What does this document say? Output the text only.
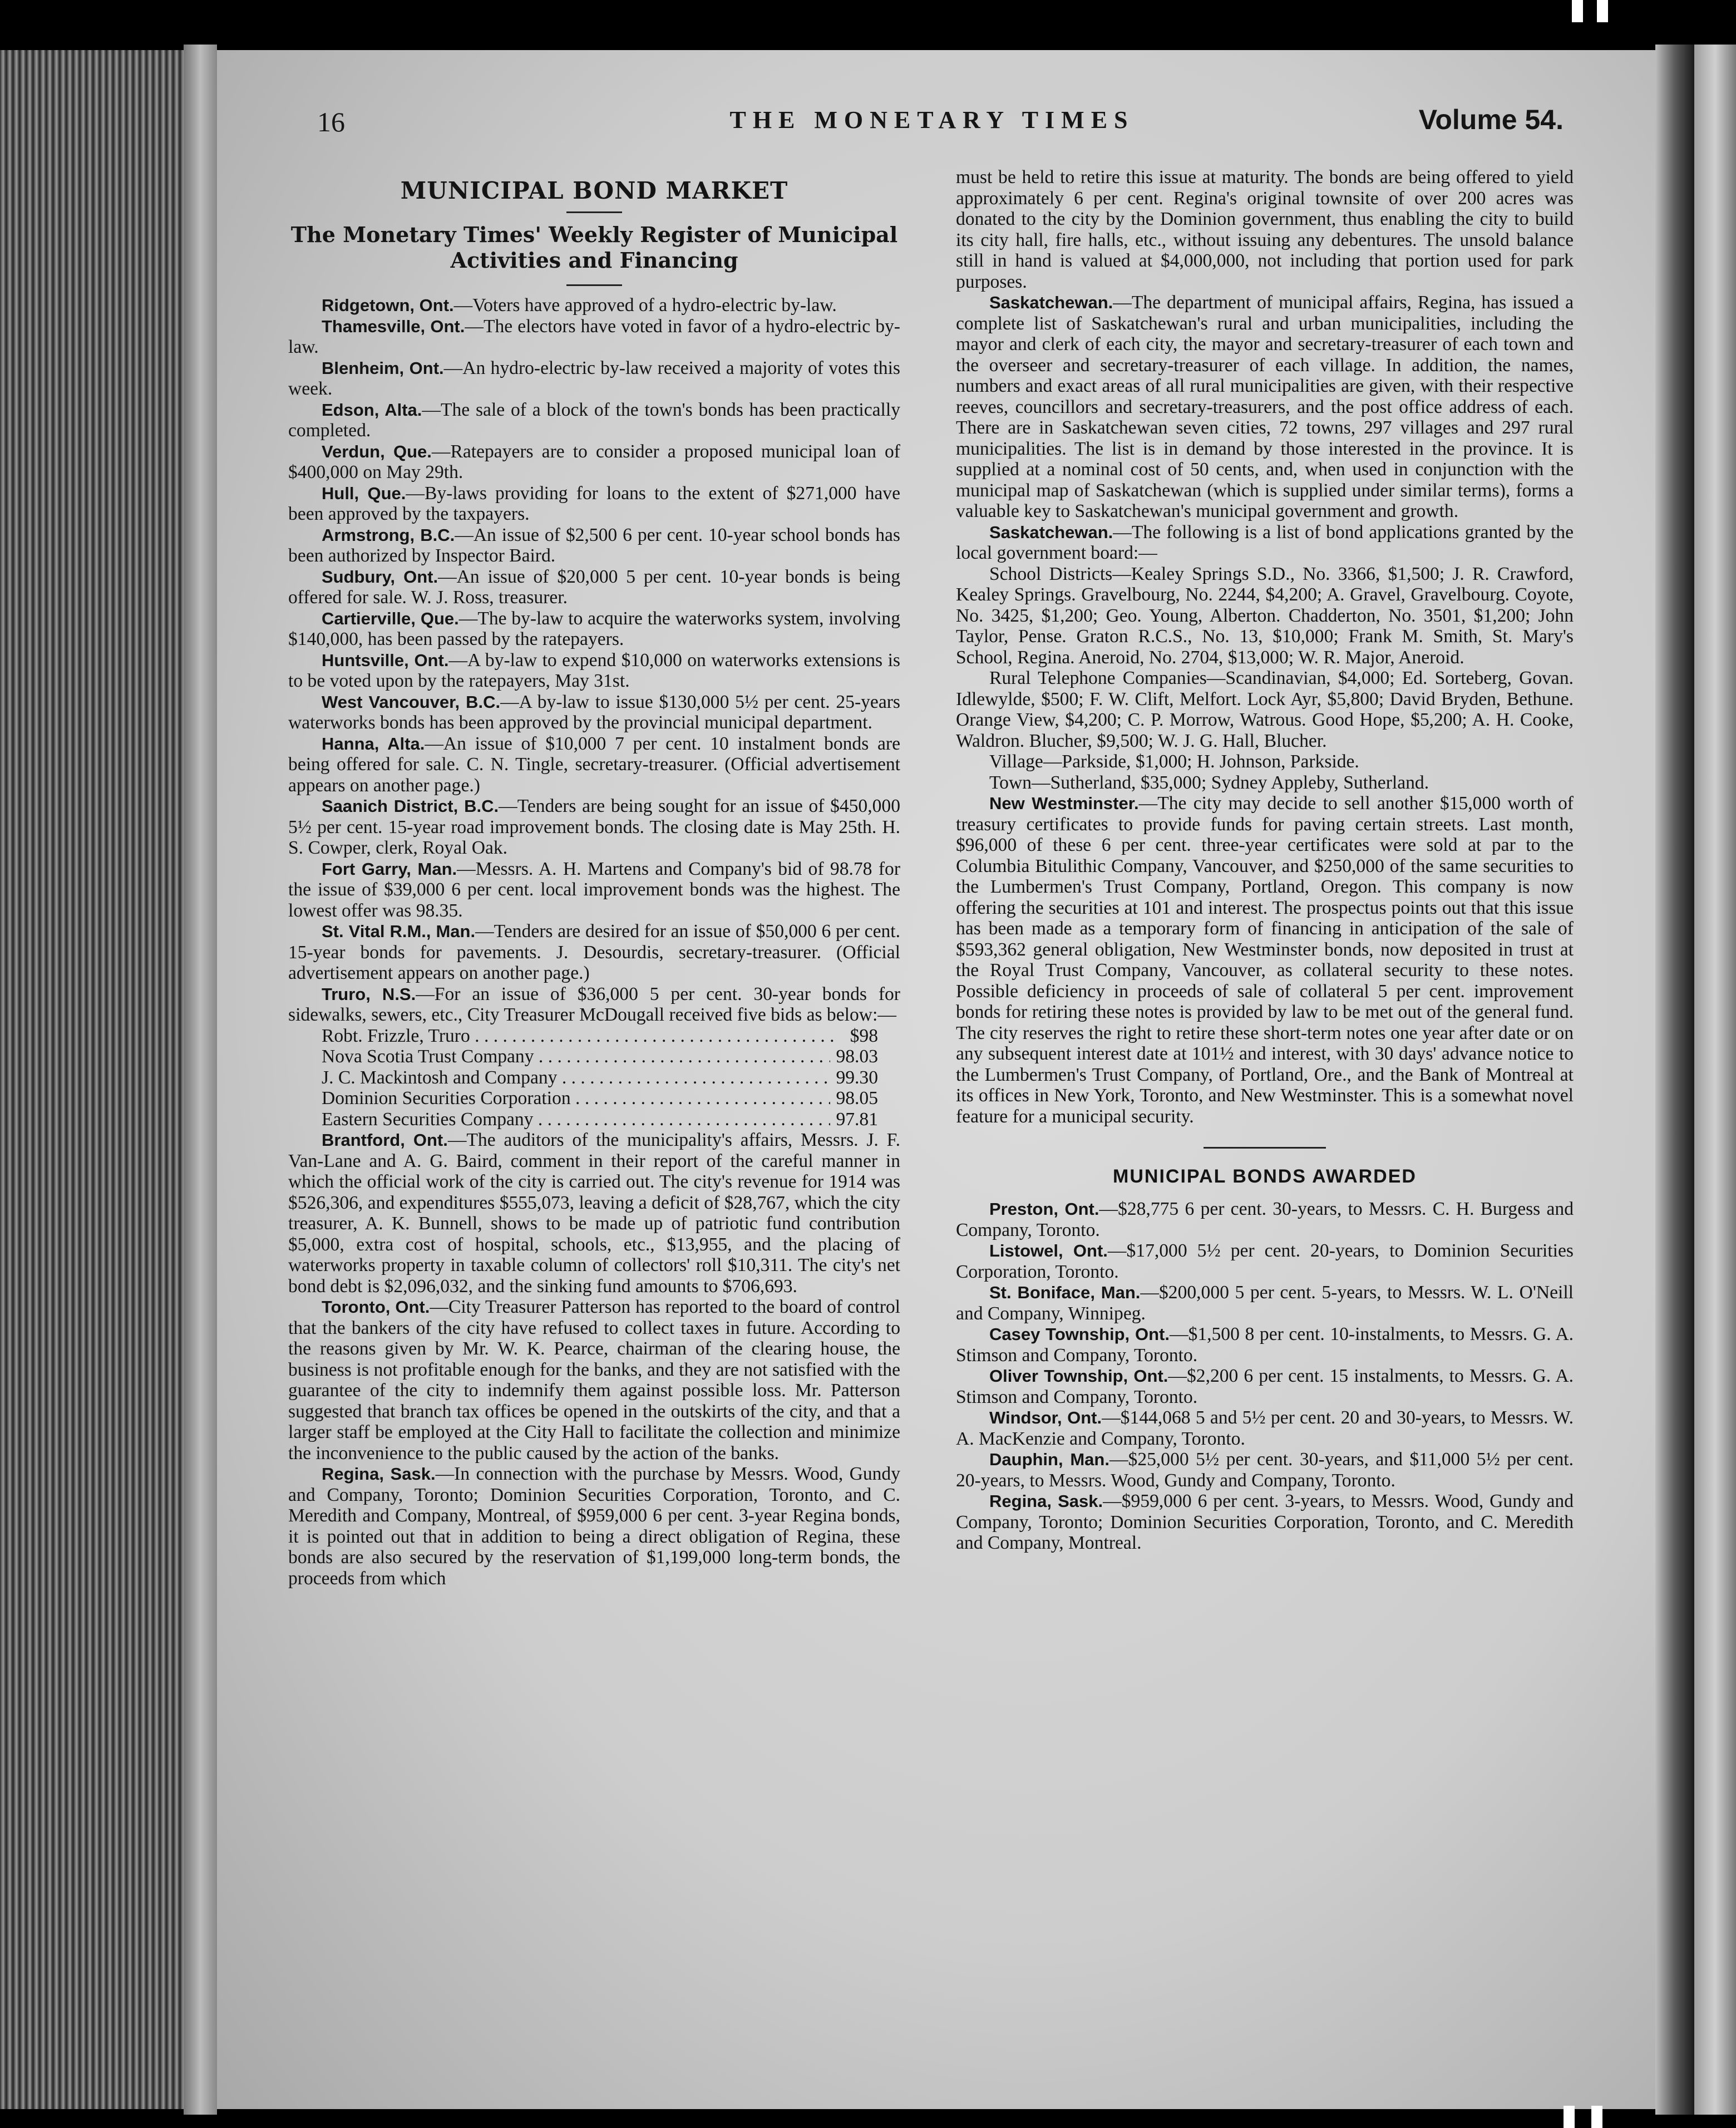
16	THE MONETARY TIMES	Volume 54.
MUNICIPAL BOND MARKET
The Monetary Times' Weekly Register of Municipal Activities and Financing

Ridgetown, Ont.—Voters have approved of a hydro-electric by-law.

Thamesville, Ont.—The electors have voted in favor of a hydro-electric by-law.

Blenheim, Ont.—An hydro-electric by-law received a majority of votes this week.

Edson, Alta.—The sale of a block of the town's bonds has been practically completed.

Verdun, Que.—Ratepayers are to consider a proposed municipal loan of $400,000 on May 29th.

Hull, Que.—By-laws providing for loans to the extent of $271,000 have been approved by the taxpayers.

Armstrong, B.C.—An issue of $2,500 6 per cent. 10-year school bonds has been authorized by Inspector Baird.

Sudbury, Ont.—An issue of $20,000 5 per cent. 10-year bonds is being offered for sale. W. J. Ross, treasurer.

Cartierville, Que.—The by-law to acquire the waterworks system, involving $140,000, has been passed by the ratepayers.

Huntsville, Ont.—A by-law to expend $10,000 on waterworks extensions is to be voted upon by the ratepayers, May 31st.

West Vancouver, B.C.—A by-law to issue $130,000 5½ per cent. 25-years waterworks bonds has been approved by the provincial municipal department.

Hanna, Alta.—An issue of $10,000 7 per cent. 10 instalment bonds are being offered for sale. C. N. Tingle, secretary-treasurer. (Official advertisement appears on another page.)

Saanich District, B.C.—Tenders are being sought for an issue of $450,000 5½ per cent. 15-year road improvement bonds. The closing date is May 25th. H. S. Cowper, clerk, Royal Oak.

Fort Garry, Man.—Messrs. A. H. Martens and Company's bid of 98.78 for the issue of $39,000 6 per cent. local improvement bonds was the highest. The lowest offer was 98.35.

St. Vital R.M., Man.—Tenders are desired for an issue of $50,000 6 per cent. 15-year bonds for pavements. J. Desourdis, secretary-treasurer. (Official advertisement appears on another page.)

Truro, N.S.—For an issue of $36,000 5 per cent. 30-year bonds for sidewalks, sewers, etc., City Treasurer McDougall received five bids as below:—

Robt. Frizzle, Truro . . .	$98
Nova Scotia Trust Company . . .	98.03
J. C. Mackintosh and Company . . .	99.30
Dominion Securities Corporation . . .	98.05
Eastern Securities Company . . .	97.81

Brantford, Ont.—The auditors of the municipality's affairs, Messrs. J. F. Van-Lane and A. G. Baird, comment in their report of the careful manner in which the official work of the city is carried out. The city's revenue for 1914 was $526,306, and expenditures $555,073, leaving a deficit of $28,767, which the city treasurer, A. K. Bunnell, shows to be made up of patriotic fund contribution $5,000, extra cost of hospital, schools, etc., $13,955, and the placing of waterworks property in taxable column of collectors' roll $10,311. The city's net bond debt is $2,096,032, and the sinking fund amounts to $706,693.

Toronto, Ont.—City Treasurer Patterson has reported to the board of control that the bankers of the city have refused to collect taxes in future. According to the reasons given by Mr. W. K. Pearce, chairman of the clearing house, the business is not profitable enough for the banks, and they are not satisfied with the guarantee of the city to indemnify them against possible loss. Mr. Patterson suggested that branch tax offices be opened in the outskirts of the city, and that a larger staff be employed at the City Hall to facilitate the collection and minimize the inconvenience to the public caused by the action of the banks.

Regina, Sask.—In connection with the purchase by Messrs. Wood, Gundy and Company, Toronto; Dominion Securities Corporation, Toronto, and C. Meredith and Company, Montreal, of $959,000 6 per cent. 3-year Regina bonds, it is pointed out that in addition to being a direct obligation of Regina, these bonds are also secured by the reservation of $1,199,000 long-term bonds, the proceeds from which

must be held to retire this issue at maturity. The bonds are being offered to yield approximately 6 per cent. Regina's original townsite of over 200 acres was donated to the city by the Dominion government, thus enabling the city to build its city hall, fire halls, etc., without issuing any debentures. The unsold balance still in hand is valued at $4,000,000, not including that portion used for park purposes.

Saskatchewan.—The department of municipal affairs, Regina, has issued a complete list of Saskatchewan's rural and urban municipalities, including the mayor and clerk of each city, the mayor and secretary-treasurer of each town and the overseer and secretary-treasurer of each village. In addition, the names, numbers and exact areas of all rural municipalities are given, with their respective reeves, councillors and secretary-treasurers, and the post office address of each. There are in Saskatchewan seven cities, 72 towns, 297 villages and 297 rural municipalities. The list is in demand by those interested in the province. It is supplied at a nominal cost of 50 cents, and, when used in conjunction with the municipal map of Saskatchewan (which is supplied under similar terms), forms a valuable key to Saskatchewan's municipal government and growth.

Saskatchewan.—The following is a list of bond applications granted by the local government board:—

School Districts—Kealey Springs S.D., No. 3366, $1,500; J. R. Crawford, Kealey Springs. Gravelbourg, No. 2244, $4,200; A. Gravel, Gravelbourg. Coyote, No. 3425, $1,200; Geo. Young, Alberton. Chadderton, No. 3501, $1,200; John Taylor, Pense. Graton R.C.S., No. 13, $10,000; Frank M. Smith, St. Mary's School, Regina. Aneroid, No. 2704, $13,000; W. R. Major, Aneroid.

Rural Telephone Companies—Scandinavian, $4,000; Ed. Sorteberg, Govan. Idlewylde, $500; F. W. Clift, Melfort. Lock Ayr, $5,800; David Bryden, Bethune. Orange View, $4,200; C. P. Morrow, Watrous. Good Hope, $5,200; A. H. Cooke, Waldron. Blucher, $9,500; W. J. G. Hall, Blucher.

Village—Parkside, $1,000; H. Johnson, Parkside.

Town—Sutherland, $35,000; Sydney Appleby, Sutherland.

New Westminster.—The city may decide to sell another $15,000 worth of treasury certificates to provide funds for paving certain streets. Last month, $96,000 of these 6 per cent. three-year certificates were sold at par to the Columbia Bitulithic Company, Vancouver, and $250,000 of the same securities to the Lumbermen's Trust Company, Portland, Oregon. This company is now offering the securities at 101 and interest. The prospectus points out that this issue has been made as a temporary form of financing in anticipation of the sale of $593,362 general obligation, New Westminster bonds, now deposited in trust at the Royal Trust Company, Vancouver, as collateral security to these notes. Possible deficiency in proceeds of sale of collateral 5 per cent. improvement bonds for retiring these notes is provided by law to be met out of the general fund. The city reserves the right to retire these short-term notes one year after date or on any subsequent interest date at 101½ and interest, with 30 days' advance notice to the Lumbermen's Trust Company, of Portland, Ore., and the Bank of Montreal at its offices in New York, Toronto, and New Westminster. This is a somewhat novel feature for a municipal security.

MUNICIPAL BONDS AWARDED

Preston, Ont.—$28,775 6 per cent. 30-years, to Messrs. C. H. Burgess and Company, Toronto.

Listowel, Ont.—$17,000 5½ per cent. 20-years, to Dominion Securities Corporation, Toronto.

St. Boniface, Man.—$200,000 5 per cent. 5-years, to Messrs. W. L. O'Neill and Company, Winnipeg.

Casey Township, Ont.—$1,500 8 per cent. 10-instalments, to Messrs. G. A. Stimson and Company, Toronto.

Oliver Township, Ont.—$2,200 6 per cent. 15 instalments, to Messrs. G. A. Stimson and Company, Toronto.

Windsor, Ont.—$144,068 5 and 5½ per cent. 20 and 30-years, to Messrs. W. A. MacKenzie and Company, Toronto.

Dauphin, Man.—$25,000 5½ per cent. 30-years, and $11,000 5½ per cent. 20-years, to Messrs. Wood, Gundy and Company, Toronto.

Regina, Sask.—$959,000 6 per cent. 3-years, to Messrs. Wood, Gundy and Company, Toronto; Dominion Securities Corporation, Toronto, and C. Meredith and Company, Montreal.
